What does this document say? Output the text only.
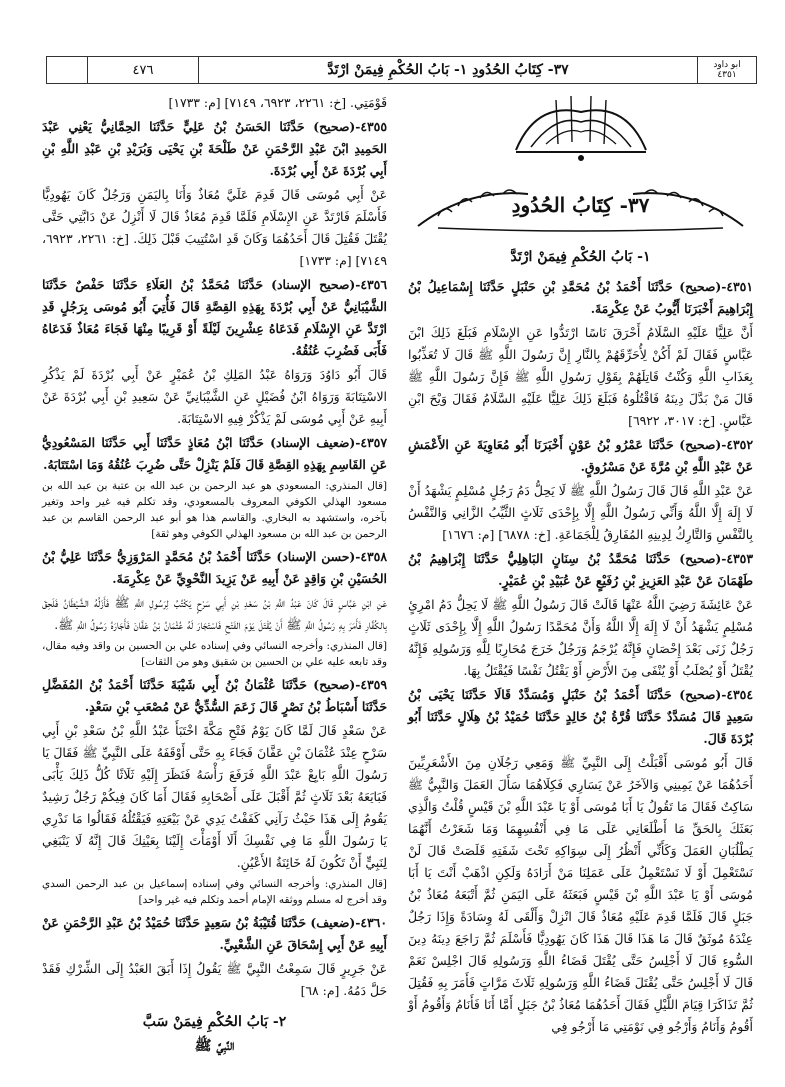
ابو داود
٤٣٥١
٣٧- كِتَابُ الحُدُودِ ١- بَابُ الحُكْمِ فِيمَنْ ارْتَدَّ
٤٧٦
٣٧- كِتَابُ الحُدُودِ

١- بَابُ الحُكْمِ فِيمَنْ ارْتَدَّ

٤٣٥١-(صحيح) حَدَّثَنَا أَحْمَدُ بْنُ مُحَمَّدِ بْنِ حَنْبَلٍ حَدَّثَنَا إِسْمَاعِيلُ بْنُ إِبْرَاهِيمَ أَخْبَرَنَا أَيُّوبُ عَنْ عِكْرِمَةَ.

أَنَّ عَلِيًّا عَلَيْهِ السَّلَامُ أَحْرَقَ نَاسًا ارْتَدُّوا عَنِ الإِسْلَامِ فَبَلَغَ ذَلِكَ ابْنَ عَبَّاسٍ فَقَالَ لَمْ أَكُنْ لِأُحَرِّقَهُمْ بِالنَّارِ إِنَّ رَسُولَ اللَّهِ ﷺ قَالَ لَا تُعَذِّبُوا بِعَذَابِ اللَّهِ وَكُنْتُ قَاتِلَهُمْ بِقَوْلِ رَسُولِ اللَّهِ ﷺ فَإِنَّ رَسُولَ اللَّهِ ﷺ قَالَ مَنْ بَدَّلَ دِينَهُ فَاقْتُلُوهُ فَبَلَغَ ذَلِكَ عَلِيًّا عَلَيْهِ السَّلَامُ فَقَالَ وَيْحَ ابْنِ عَبَّاسٍ. [خ: ٣٠١٧، ٦٩٢٢]

٤٣٥٢-(صحيح) حَدَّثَنَا عَمْرُو بْنُ عَوْنٍ أَخْبَرَنَا أَبُو مُعَاوِيَةَ عَنِ الأَعْمَشِ عَنْ عَبْدِ اللَّهِ بْنِ مُرَّةَ عَنْ مَسْرُوقٍ.

عَنْ عَبْدِ اللَّهِ قَالَ قَالَ رَسُولُ اللَّهِ ﷺ لَا يَحِلُّ دَمُ رَجُلٍ مُسْلِمٍ يَشْهَدُ أَنْ لَا إِلَهَ إِلَّا اللَّهُ وَأَنِّي رَسُولُ اللَّهِ إِلَّا بِإِحْدَى ثَلَاثٍ الثَّيِّبُ الزَّانِي وَالنَّفْسُ بِالنَّفْسِ وَالتَّارِكُ لِدِينِهِ المُفَارِقُ لِلْجَمَاعَةِ. [خ: ٦٨٧٨] [م: ١٦٧٦]

٤٣٥٣-(صحيح) حَدَّثَنَا مُحَمَّدُ بْنُ سِنَانٍ البَاهِلِيُّ حَدَّثَنَا إِبْرَاهِيمُ بْنُ طَهْمَانَ عَنْ عَبْدِ العَزِيزِ بْنِ رُفَيْعٍ عَنْ عُبَيْدِ بْنِ عُمَيْرٍ.

عَنْ عَائِشَةَ رَضِيَ اللَّهُ عَنْهَا قَالَتْ قَالَ رَسُولُ اللَّهِ ﷺ لَا يَحِلُّ دَمُ امْرِئٍ مُسْلِمٍ يَشْهَدُ أَنْ لَا إِلَهَ إِلَّا اللَّهُ وَأَنَّ مُحَمَّدًا رَسُولُ اللَّهِ إِلَّا بِإِحْدَى ثَلَاثٍ رَجُلٌ زَنَى بَعْدَ إِحْصَانٍ فَإِنَّهُ يُرْجَمُ وَرَجُلٌ خَرَجَ مُحَارِبًا لِلَّهِ وَرَسُولِهِ فَإِنَّهُ يُقْتَلُ أَوْ يُصْلَبُ أَوْ يُنْفَى مِنَ الأَرْضِ أَوْ يَقْتُلُ نَفْسًا فَيُقْتَلُ بِهَا.

٤٣٥٤-(صحيح) حَدَّثَنَا أَحْمَدُ بْنُ حَنْبَلٍ وَمُسَدَّدٌ قَالَا حَدَّثَنَا يَحْيَى بْنُ سَعِيدٍ قَالَ مُسَدَّدٌ حَدَّثَنَا قُرَّةُ بْنُ خَالِدٍ حَدَّثَنَا حُمَيْدُ بْنُ هِلَالٍ حَدَّثَنَا أَبُو بُرْدَةَ قَالَ.

قَالَ أَبُو مُوسَى أَقْبَلْتُ إِلَى النَّبِيِّ ﷺ وَمَعِي رَجُلَانِ مِنَ الأَشْعَرِيِّينَ أَحَدُهُمَا عَنْ يَمِينِي وَالآخَرُ عَنْ يَسَارِي فَكِلَاهُمَا سَأَلَ العَمَلَ وَالنَّبِيُّ ﷺ سَاكِتٌ فَقَالَ مَا تَقُولُ يَا أَبَا مُوسَى أَوْ يَا عَبْدَ اللَّهِ بْنَ قَيْسٍ قُلْتُ وَالَّذِي بَعَثَكَ بِالحَقِّ مَا أَطْلَعَانِي عَلَى مَا فِي أَنْفُسِهِمَا وَمَا شَعَرْتُ أَنَّهُمَا يَطْلُبَانِ العَمَلَ وَكَأَنِّي أَنْظُرُ إِلَى سِوَاكِهِ تَحْتَ شَفَتِهِ قَلَصَتْ قَالَ لَنْ نَسْتَعْمِلَ أَوْ لَا نَسْتَعْمِلُ عَلَى عَمَلِنَا مَنْ أَرَادَهُ وَلَكِنِ اذْهَبْ أَنْتَ يَا أَبَا مُوسَى أَوْ يَا عَبْدَ اللَّهِ بْنَ قَيْسٍ فَبَعَثَهُ عَلَى اليَمَنِ ثُمَّ أَتْبَعَهُ مُعَاذُ بْنُ جَبَلٍ قَالَ فَلَمَّا قَدِمَ عَلَيْهِ مُعَاذٌ قَالَ انْزِلْ وَأَلْقَى لَهُ وِسَادَةً وَإِذَا رَجُلٌ عِنْدَهُ مُوثَقٌ قَالَ مَا هَذَا قَالَ هَذَا كَانَ يَهُودِيًّا فَأَسْلَمَ ثُمَّ رَاجَعَ دِينَهُ دِينَ السُّوءِ قَالَ لَا أَجْلِسُ حَتَّى يُقْتَلَ قَضَاءُ اللَّهِ وَرَسُولِهِ قَالَ اجْلِسْ نَعَمْ قَالَ لَا أَجْلِسُ حَتَّى يُقْتَلَ قَضَاءُ اللَّهِ وَرَسُولِهِ ثَلَاثَ مَرَّاتٍ فَأَمَرَ بِهِ فَقُتِلَ ثُمَّ تَذَاكَرَا قِيَامَ اللَّيْلِ فَقَالَ أَحَدُهُمَا مُعَاذُ بْنُ جَبَلٍ أَمَّا أَنَا فَأَنَامُ وَأَقُومُ أَوْ أَقُومُ وَأَنَامُ وَأَرْجُو فِي نَوْمَتِي مَا أَرْجُو فِي

قَوْمَتِي. [خ: ٢٢٦١، ٦٩٢٣، ٧١٤٩] [م: ١٧٣٣]

٤٣٥٥-(صحيح) حَدَّثَنَا الحَسَنُ بْنُ عَلِيٍّ حَدَّثَنَا الحِمَّانِيُّ يَعْنِي عَبْدَ الحَمِيدِ ابْنَ عَبْدِ الرَّحْمَنِ عَنْ طَلْحَةَ بْنِ يَحْيَى وَبُرَيْدِ بْنِ عَبْدِ اللَّهِ بْنِ أَبِي بُرْدَةَ عَنْ أَبِي بُرْدَةَ.

عَنْ أَبِي مُوسَى قَالَ قَدِمَ عَلَيَّ مُعَاذٌ وَأَنَا بِاليَمَنِ وَرَجُلٌ كَانَ يَهُودِيًّا فَأَسْلَمَ فَارْتَدَّ عَنِ الإِسْلَامِ فَلَمَّا قَدِمَ مُعَاذٌ قَالَ لَا أَنْزِلُ عَنْ دَابَّتِي حَتَّى يُقْتَلَ فَقُتِلَ قَالَ أَحَدُهُمَا وَكَانَ قَدِ اسْتُتِيبَ قَبْلَ ذَلِكَ. [خ: ٢٢٦١، ٦٩٢٣، ٧١٤٩] [م: ١٧٣٣]

٤٣٥٦-(صحيح الإسناد) حَدَّثَنَا مُحَمَّدُ بْنُ العَلَاءِ حَدَّثَنَا حَفْصٌ حَدَّثَنَا الشَّيْبَانِيُّ عَنْ أَبِي بُرْدَةَ بِهَذِهِ القِصَّةِ قَالَ فَأُتِيَ أَبُو مُوسَى بِرَجُلٍ قَدِ ارْتَدَّ عَنِ الإِسْلَامِ فَدَعَاهُ عِشْرِينَ لَيْلَةً أَوْ قَرِيبًا مِنْهَا فَجَاءَ مُعَاذٌ فَدَعَاهُ فَأَبَى فَضُرِبَ عُنُقُهُ.

قَالَ أَبُو دَاوُدَ وَرَوَاهُ عَبْدُ المَلِكِ بْنُ عُمَيْرٍ عَنْ أَبِي بُرْدَةَ لَمْ يَذْكُرِ الاسْتِتَابَةَ وَرَوَاهُ ابْنُ فُضَيْلٍ عَنِ الشَّيْبَانِيِّ عَنْ سَعِيدِ بْنِ أَبِي بُرْدَةَ عَنْ أَبِيهِ عَنْ أَبِي مُوسَى لَمْ يَذْكُرْ فِيهِ الاسْتِتَابَةَ.

٤٣٥٧-(ضعيف الإسناد) حَدَّثَنَا ابْنُ مُعَاذٍ حَدَّثَنَا أَبِي حَدَّثَنَا المَسْعُودِيُّ عَنِ القَاسِمِ بِهَذِهِ القِصَّةِ قَالَ فَلَمْ يَنْزِلْ حَتَّى ضُرِبَ عُنُقُهُ وَمَا اسْتَتَابَهُ.

[قال المنذري: المسعودي هو عبد الرحمن بن عبد الله بن عتبة بن عبد الله بن مسعود الهذلي الكوفي المعروف بالمسعودي، وقد تكلم فيه غير واحد وتغير بآخره، واستشهد به البخاري. والقاسم هذا هو أبو عبد الرحمن القاسم بن عبد الرحمن بن عبد الله بن مسعود الهذلي الكوفي وهو ثقة]

٤٣٥٨-(حسن الإسناد) حَدَّثَنَا أَحْمَدُ بْنُ مُحَمَّدٍ المَرْوَزِيُّ حَدَّثَنَا عَلِيُّ بْنُ الحُسَيْنِ بْنِ وَاقِدٍ عَنْ أَبِيهِ عَنْ يَزِيدَ النَّحْوِيِّ عَنْ عِكْرِمَةَ.

عَنِ ابْنِ عَبَّاسٍ قَالَ كَانَ عَبْدُ اللَّهِ بْنُ سَعْدِ بْنِ أَبِي سَرْحٍ يَكْتُبُ لِرَسُولِ اللَّهِ ﷺ فَأَزَلَّهُ الشَّيْطَانُ فَلَحِقَ بِالكُفَّارِ فَأَمَرَ بِهِ رَسُولُ اللَّهِ ﷺ أَنْ يُقْتَلَ يَوْمَ الفَتْحِ فَاسْتَجَارَ لَهُ عُثْمَانُ بْنُ عَفَّانَ فَأَجَارَهُ رَسُولُ اللَّهِ ﷺ.

[قال المنذري: وأخرجه النسائي وفي إسناده علي بن الحسين بن واقد وفيه مقال، وقد تابعه عليه علي بن الحسين بن شقيق وهو من الثقات]

٤٣٥٩-(صحيح) حَدَّثَنَا عُثْمَانُ بْنُ أَبِي شَيْبَةَ حَدَّثَنَا أَحْمَدُ بْنُ المُفَضَّلِ حَدَّثَنَا أَسْبَاطُ بْنُ نَصْرٍ قَالَ زَعَمَ السُّدِّيُّ عَنْ مُصْعَبِ بْنِ سَعْدٍ.

عَنْ سَعْدٍ قَالَ لَمَّا كَانَ يَوْمُ فَتْحِ مَكَّةَ اخْتَبَأَ عَبْدُ اللَّهِ بْنُ سَعْدِ بْنِ أَبِي سَرْحٍ عِنْدَ عُثْمَانَ بْنِ عَفَّانَ فَجَاءَ بِهِ حَتَّى أَوْقَفَهُ عَلَى النَّبِيِّ ﷺ فَقَالَ يَا رَسُولَ اللَّهِ بَايِعْ عَبْدَ اللَّهِ فَرَفَعَ رَأْسَهُ فَنَظَرَ إِلَيْهِ ثَلَاثًا كُلُّ ذَلِكَ يَأْبَى فَبَايَعَهُ بَعْدَ ثَلَاثٍ ثُمَّ أَقْبَلَ عَلَى أَصْحَابِهِ فَقَالَ أَمَا كَانَ فِيكُمْ رَجُلٌ رَشِيدٌ يَقُومُ إِلَى هَذَا حَيْثُ رَآنِي كَفَفْتُ يَدِي عَنْ بَيْعَتِهِ فَيَقْتُلُهُ فَقَالُوا مَا نَدْرِي يَا رَسُولَ اللَّهِ مَا فِي نَفْسِكَ أَلَا أَوْمَأْتَ إِلَيْنَا بِعَيْنِكَ قَالَ إِنَّهُ لَا يَنْبَغِي لِنَبِيٍّ أَنْ تَكُونَ لَهُ خَائِنَةُ الأَعْيُنِ.

[قال المنذري: وأخرجه النسائي وفي إسناده إسماعيل بن عبد الرحمن السدي وقد أخرج له مسلم ووثقه الإمام أحمد وتكلم فيه غير واحد]

٤٣٦٠-(ضعيف) حَدَّثَنَا قُتَيْبَةُ بْنُ سَعِيدٍ حَدَّثَنَا حُمَيْدُ بْنُ عَبْدِ الرَّحْمَنِ عَنْ أَبِيهِ عَنْ أَبِي إِسْحَاقَ عَنِ الشَّعْبِيِّ.

عَنْ جَرِيرٍ قَالَ سَمِعْتُ النَّبِيَّ ﷺ يَقُولُ إِذَا أَبَقَ العَبْدُ إِلَى الشِّرْكِ فَقَدْ حَلَّ دَمُهُ. [م: ٦٨]

٢- بَابُ الحُكْمِ فِيمَنْ سَبَّ
النَّبِيَّ ﷺ
